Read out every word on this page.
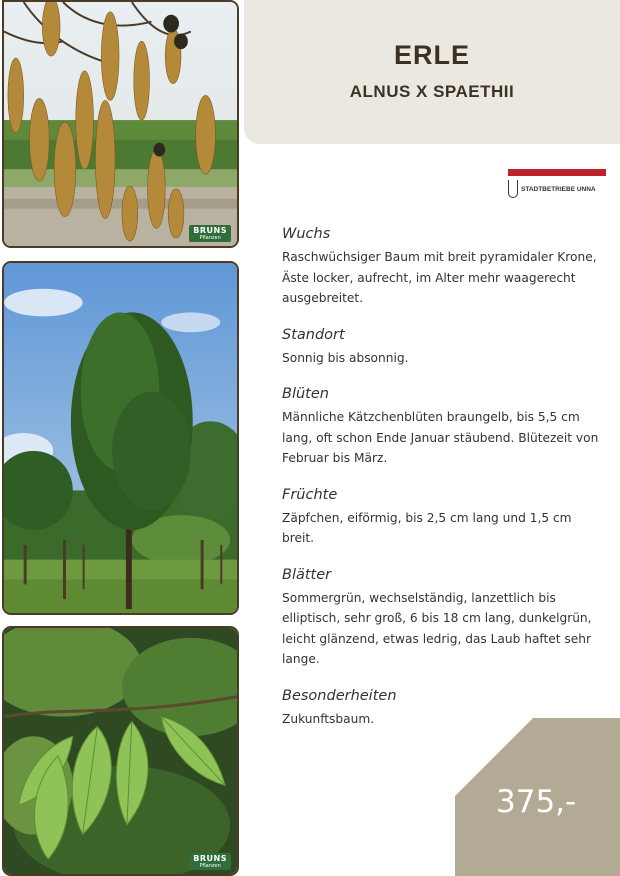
BRUNS
Pflanzen
BRUNS
Pflanzen
ERLE
ALNUS X SPAETHII
STADTBETRIEBE UNNA
Wuchs

Raschwüchsiger Baum mit breit pyramidaler Krone, Äste locker, aufrecht, im Alter mehr waagerecht ausgebreitet.

Standort

Sonnig bis absonnig.

Blüten

Männliche Kätzchenblüten braungelb, bis 5,5 cm lang, oft schon Ende Januar stäubend. Blütezeit von Februar bis März.

Früchte

Zäpfchen, eiförmig, bis 2,5 cm lang und 1,5 cm breit.

Blätter

Sommergrün, wechselständig, lanzettlich bis elliptisch, sehr groß, 6 bis 18 cm lang, dunkelgrün, leicht glänzend, etwas ledrig, das Laub haftet sehr lange.

Besonderheiten

Zukunftsbaum.

375,-
